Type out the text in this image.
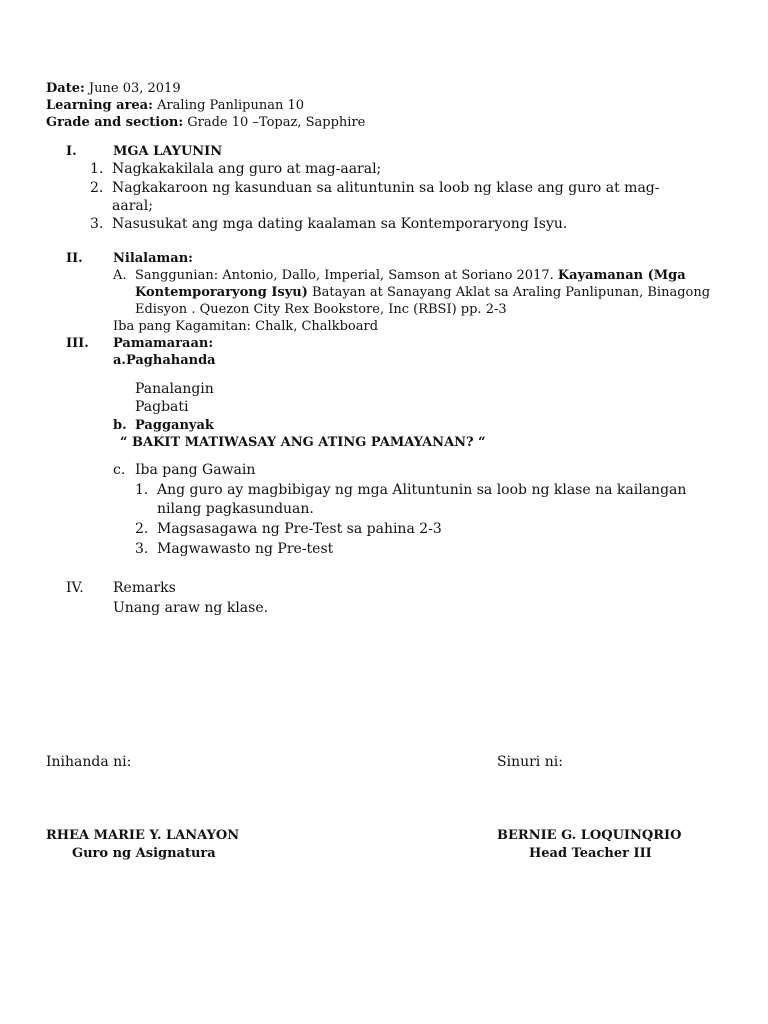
Date: June 03, 2019
Learning area: Araling Panlipunan 10
Grade and section: Grade 10 –Topaz, Sapphire
I.	MGA LAYUNIN
1. Nagkakakilala ang guro at mag-aaral;
2. Nagkakaroon ng kasunduan sa alituntunin sa loob ng klase ang guro at mag-
aaral;
3. Nasusukat ang mga dating kaalaman sa Kontemporaryong Isyu.
II. Nilalaman:
A. Sanggunian: Antonio, Dallo, Imperial, Samson at Soriano 2017. Kayamanan (Mga
Kontemporaryong Isyu) Batayan at Sanayang Aklat sa Araling Panlipunan, Binagong
Edisyon . Quezon City Rex Bookstore, Inc (RBSI) pp. 2-3
Iba pang Kagamitan: Chalk, Chalkboard
III. Pamamaraan:
a.Paghahanda
Panalangin
Pagbati
b. Pagganyak
“ BAKIT MATIWASAY ANG ATING PAMAYANAN? “
c. Iba pang Gawain
1. Ang guro ay magbibigay ng mga Alituntunin sa loob ng klase na kailangan
nilang pagkasunduan.
2. Magsasagawa ng Pre-Test sa pahina 2-3
3. Magwawasto ng Pre-test
IV. Remarks
Unang araw ng klase.
Inihanda ni:	Sinuri ni:
RHEA MARIE Y. LANAYON
Guro ng Asignatura
BERNIE G. LOQUINQRIO
Head Teacher III
